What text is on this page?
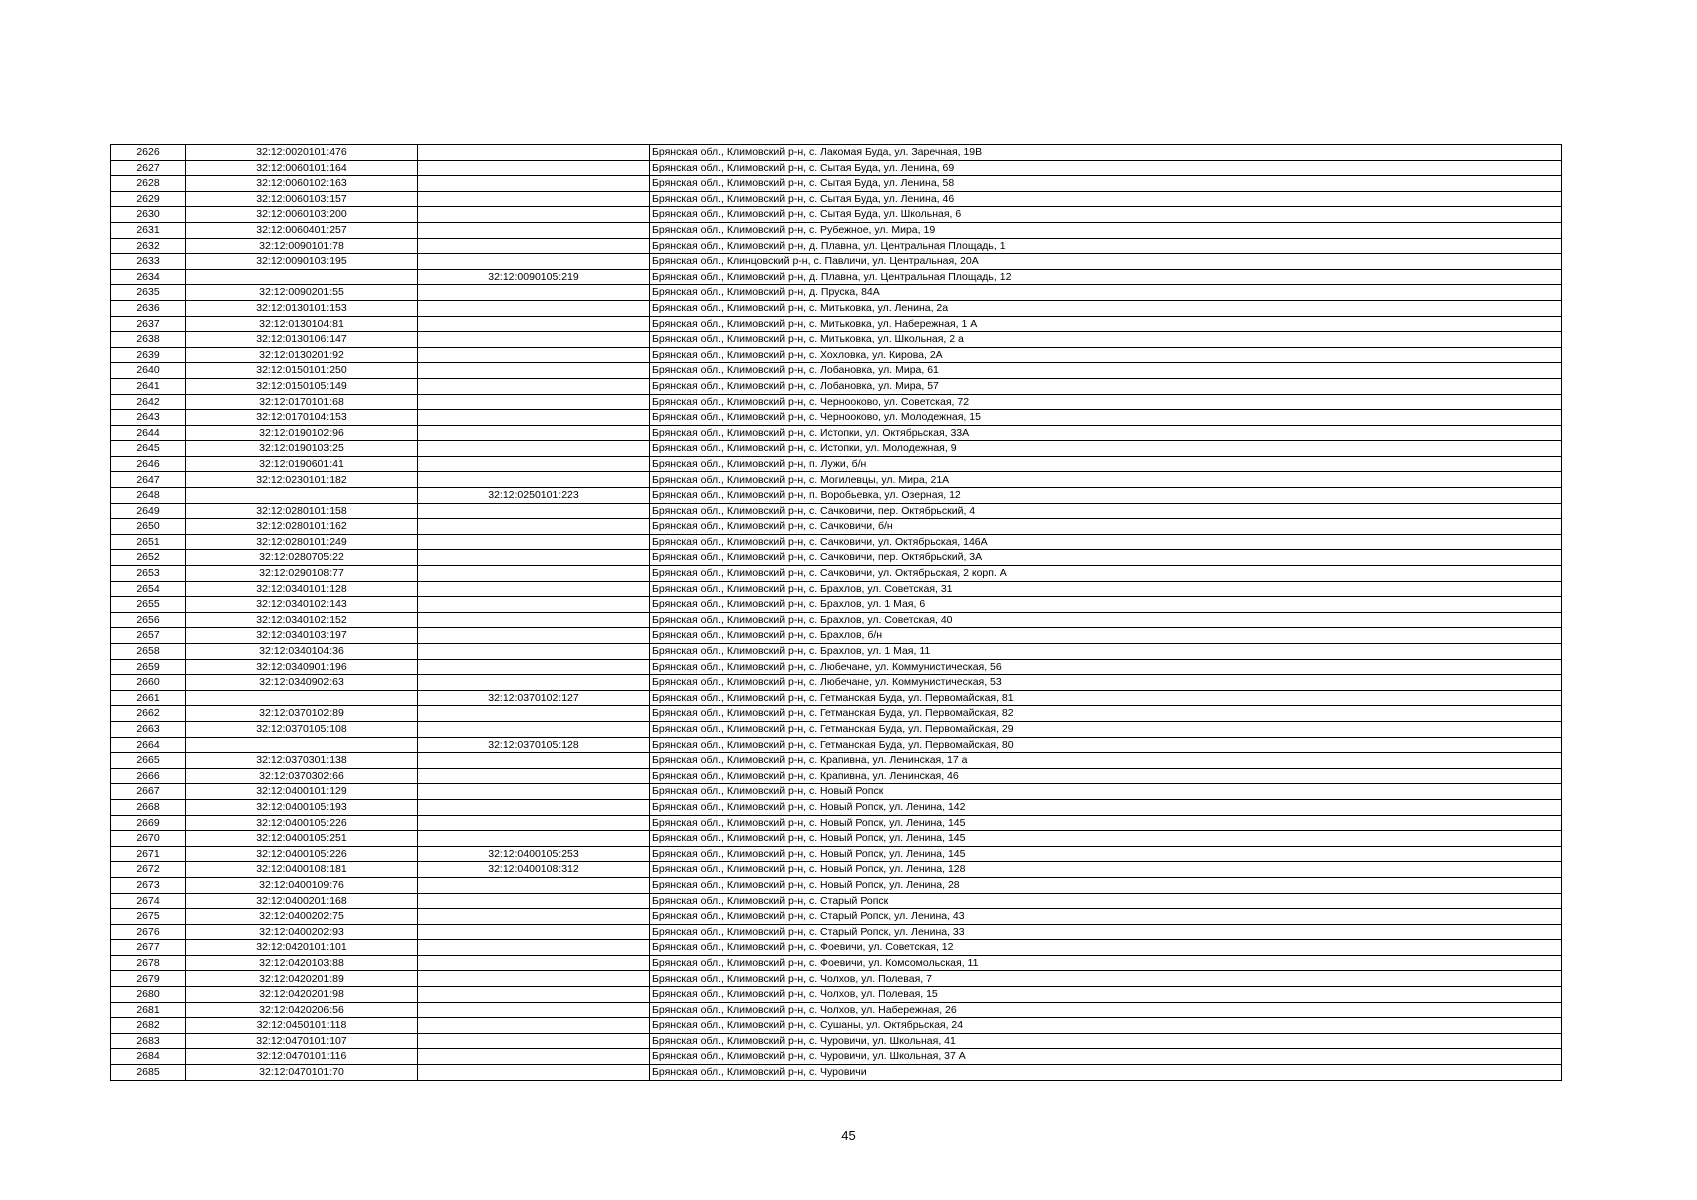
2626	32:12:0020101:476		Брянская обл., Климовский р-н, с. Лакомая Буда, ул. Заречная, 19В
2627	32:12:0060101:164		Брянская обл., Климовский р-н, с. Сытая Буда, ул. Ленина, 69
2628	32:12:0060102:163		Брянская обл., Климовский р-н, с. Сытая Буда, ул. Ленина, 58
2629	32:12:0060103:157		Брянская обл., Климовский р-н, с. Сытая Буда, ул. Ленина, 46
2630	32:12:0060103:200		Брянская обл., Климовский р-н, с. Сытая Буда, ул. Школьная, 6
2631	32:12:0060401:257		Брянская обл., Климовский р-н, с. Рубежное, ул. Мира, 19
2632	32:12:0090101:78		Брянская обл., Климовский р-н, д. Плавна, ул. Центральная Площадь, 1
2633	32:12:0090103:195		Брянская обл., Клинцовский р-н, с. Павличи, ул. Центральная, 20А
2634		32:12:0090105:219	Брянская обл., Климовский р-н, д. Плавна, ул. Центральная Площадь, 12
2635	32:12:0090201:55		Брянская обл., Климовский р-н, д. Пруска, 84А
2636	32:12:0130101:153		Брянская обл., Климовский р-н, с. Митьковка, ул. Ленина, 2а
2637	32:12:0130104:81		Брянская обл., Климовский р-н, с. Митьковка, ул. Набережная, 1 А
2638	32:12:0130106:147		Брянская обл., Климовский р-н, с. Митьковка, ул. Школьная, 2 а
2639	32:12:0130201:92		Брянская обл., Климовский р-н, с. Хохловка, ул. Кирова, 2А
2640	32:12:0150101:250		Брянская обл., Климовский р-н, с. Лобановка, ул. Мира, 61
2641	32:12:0150105:149		Брянская обл., Климовский р-н, с. Лобановка, ул. Мира, 57
2642	32:12:0170101:68		Брянская обл., Климовский р-н, с. Чернооково, ул. Советская, 72
2643	32:12:0170104:153		Брянская обл., Климовский р-н, с. Чернооково, ул. Молодежная, 15
2644	32:12:0190102:96		Брянская обл., Климовский р-н, с. Истопки, ул. Октябрьская, 33А
2645	32:12:0190103:25		Брянская обл., Климовский р-н, с. Истопки, ул. Молодежная, 9
2646	32:12:0190601:41		Брянская обл., Климовский р-н, п. Лужи, б/н
2647	32:12:0230101:182		Брянская обл., Климовский р-н, с. Могилевцы, ул. Мира, 21А
2648		32:12:0250101:223	Брянская обл., Климовский р-н, п. Воробьевка, ул. Озерная, 12
2649	32:12:0280101:158		Брянская обл., Климовский р-н, с. Сачковичи, пер. Октябрьский, 4
2650	32:12:0280101:162		Брянская обл., Климовский р-н, с. Сачковичи, б/н
2651	32:12:0280101:249		Брянская обл., Климовский р-н, с. Сачковичи, ул. Октябрьская, 146А
2652	32:12:0280705:22		Брянская обл., Климовский р-н, с. Сачковичи, пер. Октябрьский, 3А
2653	32:12:0290108:77		Брянская обл., Климовский р-н, с. Сачковичи, ул. Октябрьская, 2 корп. А
2654	32:12:0340101:128		Брянская обл., Климовский р-н, с. Брахлов, ул. Советская, 31
2655	32:12:0340102:143		Брянская обл., Климовский р-н, с. Брахлов, ул. 1 Мая, 6
2656	32:12:0340102:152		Брянская обл., Климовский р-н, с. Брахлов, ул. Советская, 40
2657	32:12:0340103:197		Брянская обл., Климовский р-н, с. Брахлов, б/н
2658	32:12:0340104:36		Брянская обл., Климовский р-н, с. Брахлов, ул. 1 Мая, 11
2659	32:12:0340901:196		Брянская обл., Климовский р-н, с. Любечане, ул. Коммунистическая, 56
2660	32:12:0340902:63		Брянская обл., Климовский р-н, с. Любечане, ул. Коммунистическая, 53
2661		32:12:0370102:127	Брянская обл., Климовский р-н, с. Гетманская Буда, ул. Первомайская, 81
2662	32:12:0370102:89		Брянская обл., Климовский р-н, с. Гетманская Буда, ул. Первомайская, 82
2663	32:12:0370105:108		Брянская обл., Климовский р-н, с. Гетманская Буда, ул. Первомайская, 29
2664		32:12:0370105:128	Брянская обл., Климовский р-н, с. Гетманская Буда, ул. Первомайская, 80
2665	32:12:0370301:138		Брянская обл., Климовский р-н, с. Крапивна, ул. Ленинская, 17 а
2666	32:12:0370302:66		Брянская обл., Климовский р-н, с. Крапивна, ул. Ленинская, 46
2667	32:12:0400101:129		Брянская обл., Климовский р-н, с. Новый Ропск
2668	32:12:0400105:193		Брянская обл., Климовский р-н, с. Новый Ропск, ул. Ленина, 142
2669	32:12:0400105:226		Брянская обл., Климовский р-н, с. Новый Ропск, ул. Ленина, 145
2670	32:12:0400105:251		Брянская обл., Климовский р-н, с. Новый Ропск, ул. Ленина, 145
2671	32:12:0400105:226	32:12:0400105:253	Брянская обл., Климовский р-н, с. Новый Ропск, ул. Ленина, 145
2672	32:12:0400108:181	32:12:0400108:312	Брянская обл., Климовский р-н, с. Новый Ропск, ул. Ленина, 128
2673	32:12:0400109:76		Брянская обл., Климовский р-н, с. Новый Ропск, ул. Ленина, 28
2674	32:12:0400201:168		Брянская обл., Климовский р-н, с. Старый Ропск
2675	32:12:0400202:75		Брянская обл., Климовский р-н, с. Старый Ропск, ул. Ленина, 43
2676	32:12:0400202:93		Брянская обл., Климовский р-н, с. Старый Ропск, ул. Ленина, 33
2677	32:12:0420101:101		Брянская обл., Климовский р-н, с. Фоевичи, ул. Советская, 12
2678	32:12:0420103:88		Брянская обл., Климовский р-н, с. Фоевичи, ул. Комсомольская, 11
2679	32:12:0420201:89		Брянская обл., Климовский р-н, с. Чолхов, ул. Полевая, 7
2680	32:12:0420201:98		Брянская обл., Климовский р-н, с. Чолхов, ул. Полевая, 15
2681	32:12:0420206:56		Брянская обл., Климовский р-н, с. Чолхов, ул. Набережная, 26
2682	32:12:0450101:118		Брянская обл., Климовский р-н, с. Сушаны, ул. Октябрьская, 24
2683	32:12:0470101:107		Брянская обл., Климовский р-н, с. Чуровичи, ул. Школьная, 41
2684	32:12:0470101:116		Брянская обл., Климовский р-н, с. Чуровичи, ул. Школьная, 37 А
2685	32:12:0470101:70		Брянская обл., Климовский р-н, с. Чуровичи
45
